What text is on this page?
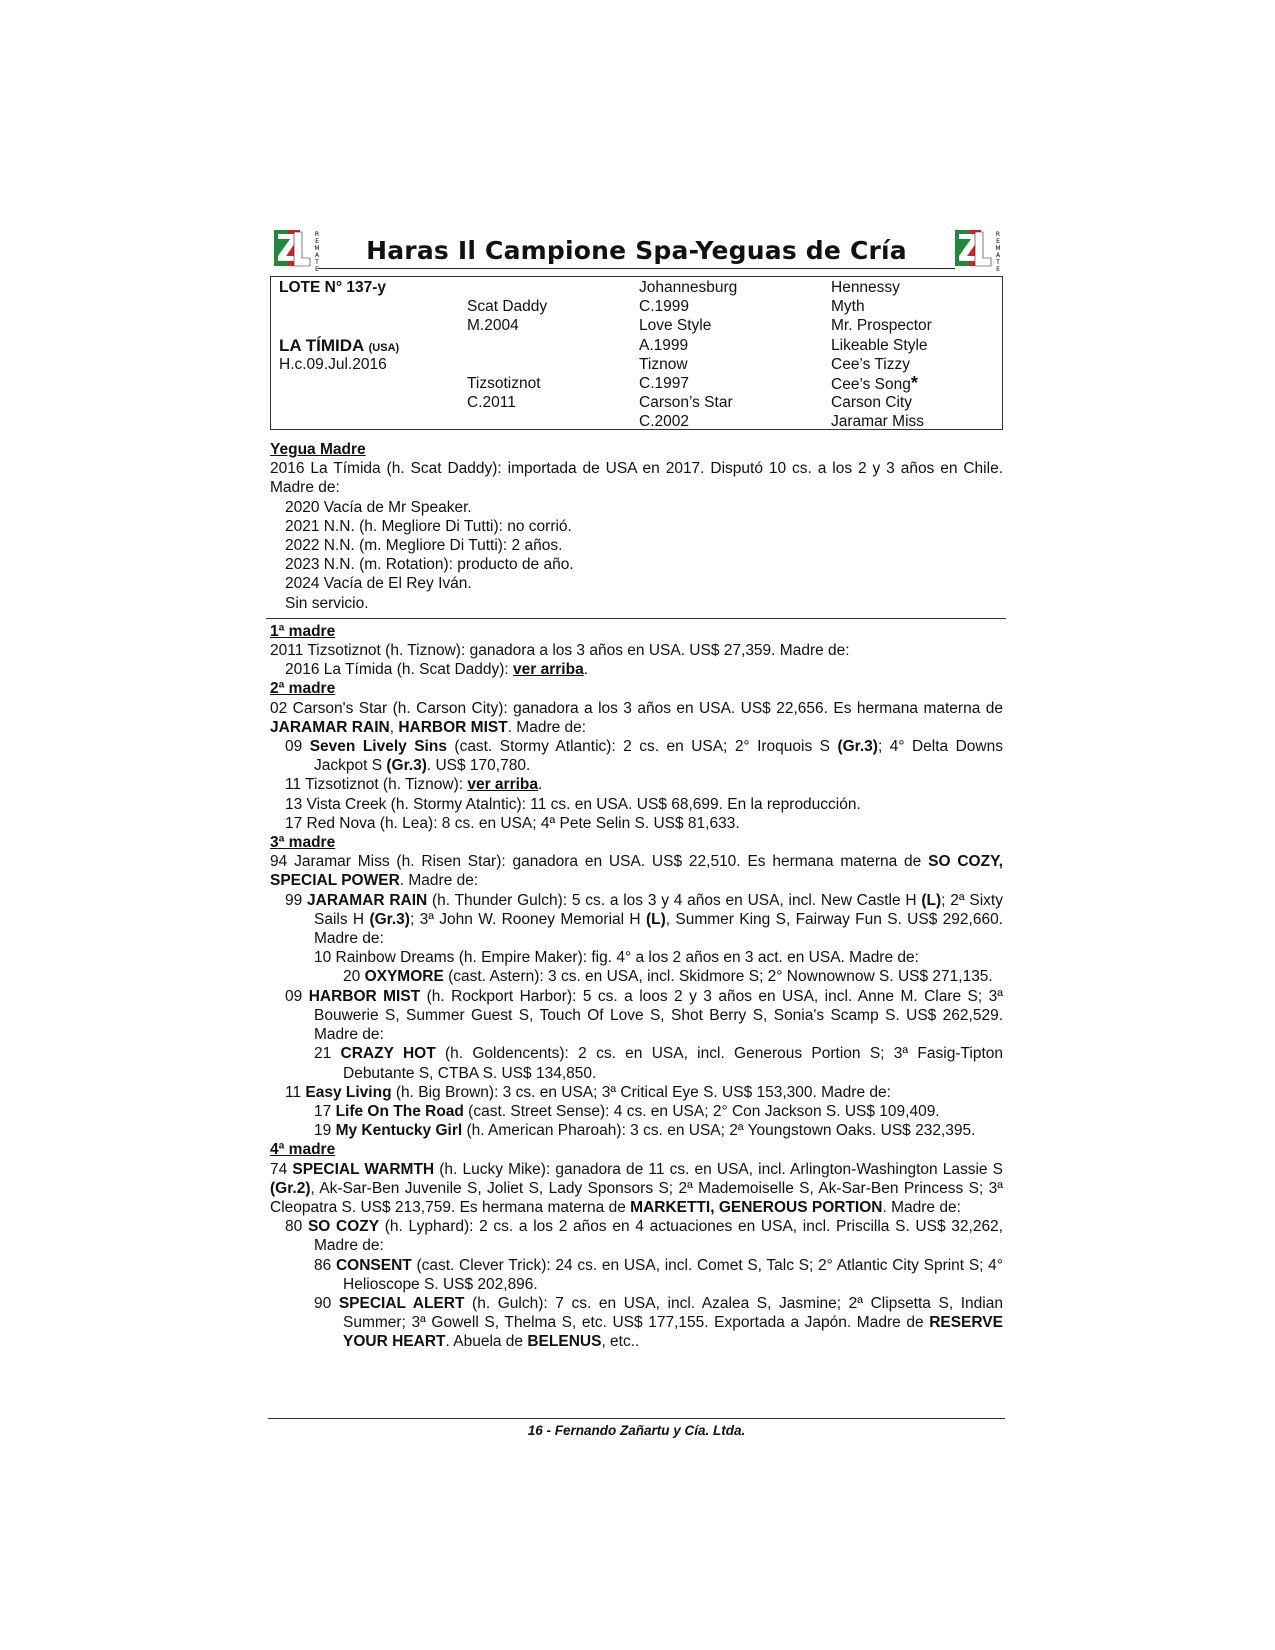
R
E
M
A
T
E
Haras Il Campione Spa-Yeguas de Cría
R
E
M
A
T
E
LOTE N° 137-y
LA TÍMIDA (USA)
H.c.09.Jul.2016
Scat Daddy
M.2004
Tizsotiznot
C.2011
Johannesburg
C.1999
Love Style
A.1999
Tiznow
C.1997
Carson’s Star
C.2002
Hennessy
Myth
Mr. Prospector
Likeable Style
Cee’s Tizzy
Cee’s Song*
Carson City
Jaramar Miss

Yegua Madre

2016 La Tímida (h. Scat Daddy): importada de USA en 2017. Disputó 10 cs. a los 2 y 3 años en Chile. Madre de:

2020 Vacía de Mr Speaker.

2021 N.N. (h. Megliore Di Tutti): no corrió.

2022 N.N. (m. Megliore Di Tutti): 2 años.

2023 N.N. (m. Rotation): producto de año.

2024 Vacía de El Rey Iván.

Sin servicio.

1ª madre

2011 Tizsotiznot (h. Tiznow): ganadora a los 3 años en USA. US$ 27,359. Madre de:

2016 La Tímida (h. Scat Daddy): ver arriba.

2ª madre

02 Carson's Star (h. Carson City): ganadora a los 3 años en USA. US$ 22,656. Es hermana materna de JARAMAR RAIN, HARBOR MIST. Madre de:

09 Seven Lively Sins (cast. Stormy Atlantic): 2 cs. en USA; 2° Iroquois S (Gr.3); 4° Delta Downs Jackpot S (Gr.3). US$ 170,780.

11 Tizsotiznot (h. Tiznow): ver arriba.

13 Vista Creek (h. Stormy Atalntic): 11 cs. en USA. US$ 68,699. En la reproducción.

17 Red Nova (h. Lea): 8 cs. en USA; 4ª Pete Selin S. US$ 81,633.

3ª madre

94 Jaramar Miss (h. Risen Star): ganadora en USA. US$ 22,510. Es hermana materna de SO COZY, SPECIAL POWER. Madre de:

99 JARAMAR RAIN (h. Thunder Gulch): 5 cs. a los 3 y 4 años en USA, incl. New Castle H (L); 2ª Sixty Sails H (Gr.3); 3ª John W. Rooney Memorial H (L), Summer King S, Fairway Fun S. US$ 292,660. Madre de:

10 Rainbow Dreams (h. Empire Maker): fig. 4° a los 2 años en 3 act. en USA. Madre de:

20 OXYMORE (cast. Astern): 3 cs. en USA, incl. Skidmore S; 2° Nownownow S. US$ 271,135.

09 HARBOR MIST (h. Rockport Harbor): 5 cs. a loos 2 y 3 años en USA, incl. Anne M. Clare S; 3ª Bouwerie S, Summer Guest S, Touch Of Love S, Shot Berry S, Sonia's Scamp S. US$ 262,529. Madre de:

21 CRAZY HOT (h. Goldencents): 2 cs. en USA, incl. Generous Portion S; 3ª Fasig-Tipton Debutante S, CTBA S. US$ 134,850.

11 Easy Living (h. Big Brown): 3 cs. en USA; 3ª Critical Eye S. US$ 153,300. Madre de:

17 Life On The Road (cast. Street Sense): 4 cs. en USA; 2° Con Jackson S. US$ 109,409.

19 My Kentucky Girl (h. American Pharoah): 3 cs. en USA; 2ª Youngstown Oaks. US$ 232,395.

4ª madre

74 SPECIAL WARMTH (h. Lucky Mike): ganadora de 11 cs. en USA, incl. Arlington-Washington Lassie S (Gr.2), Ak-Sar-Ben Juvenile S, Joliet S, Lady Sponsors S; 2ª Mademoiselle S, Ak-Sar-Ben Princess S; 3ª Cleopatra S. US$ 213,759. Es hermana materna de MARKETTI, GENEROUS PORTION. Madre de:

80 SO COZY (h. Lyphard): 2 cs. a los 2 años en 4 actuaciones en USA, incl. Priscilla S. US$ 32,262, Madre de:

86 CONSENT (cast. Clever Trick): 24 cs. en USA, incl. Comet S, Talc S; 2° Atlantic City Sprint S; 4° Helioscope S. US$ 202,896.

90 SPECIAL ALERT (h. Gulch): 7 cs. en USA, incl. Azalea S, Jasmine; 2ª Clipsetta S, Indian Summer; 3ª Gowell S, Thelma S, etc. US$ 177,155. Exportada a Japón. Madre de RESERVE YOUR HEART. Abuela de BELENUS, etc..

16 - Fernando Zañartu y Cía. Ltda.
